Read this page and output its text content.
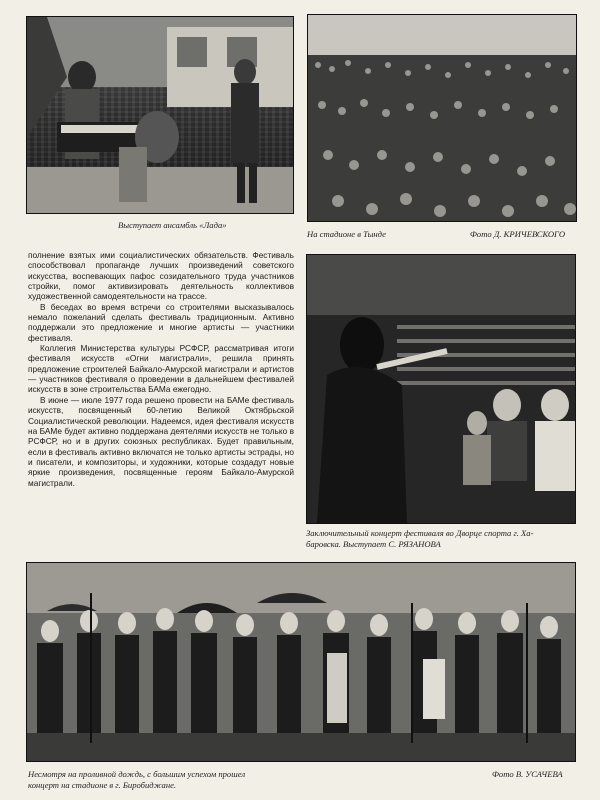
Выступает ансамбль «Лада»
На стадионе в Тынде	Фото Д. КРИЧЕВСКОГО

полнение взятых ими социалистических обязательств. Фестиваль способствовал пропаганде лучших произведений советского искусства, воспевающих пафос созидательного труда участников стройки, помог активизировать деятельность коллективов художественной самодеятельности на трассе.

В беседах во время встречи со строителями высказывалось немало пожеланий сделать фестиваль традиционным. Активно поддержали это предложение и многие артисты — участники фестиваля.

Коллегия Министерства культуры РСФСР, рассматривая итоги фестиваля искусств «Огни магистрали», решила принять предложение строителей Байкало-Амурской магистрали и артистов — участников фестиваля о проведении в дальнейшем фестивалей искусств в зоне строительства БАМа ежегодно.

В июне — июле 1977 года решено провести на БАМе фестиваль искусств, посвященный 60-летию Великой Октябрьской Социалистической революции. Надеемся, идея фестиваля искусств на БАМе будет активно поддержана деятелями искусств не только в РСФСР, но и в других союзных республиках. Будет правильным, если в фестиваль активно включатся не только артисты эстрады, но и писатели, и композиторы, и художники, которые создадут новые яркие произведения, посвященные героям Байкало-Амурской магистрали.

Заключительный концерт фестиваля во Дворце спорта г. Ха-
баровска. Выступает С. РЯЗАНОВА
Несмотря на проливной дождь, с большим успехом прошел
концерт на стадионе в г. Биробиджане.
Фото В. УСАЧЕВА
